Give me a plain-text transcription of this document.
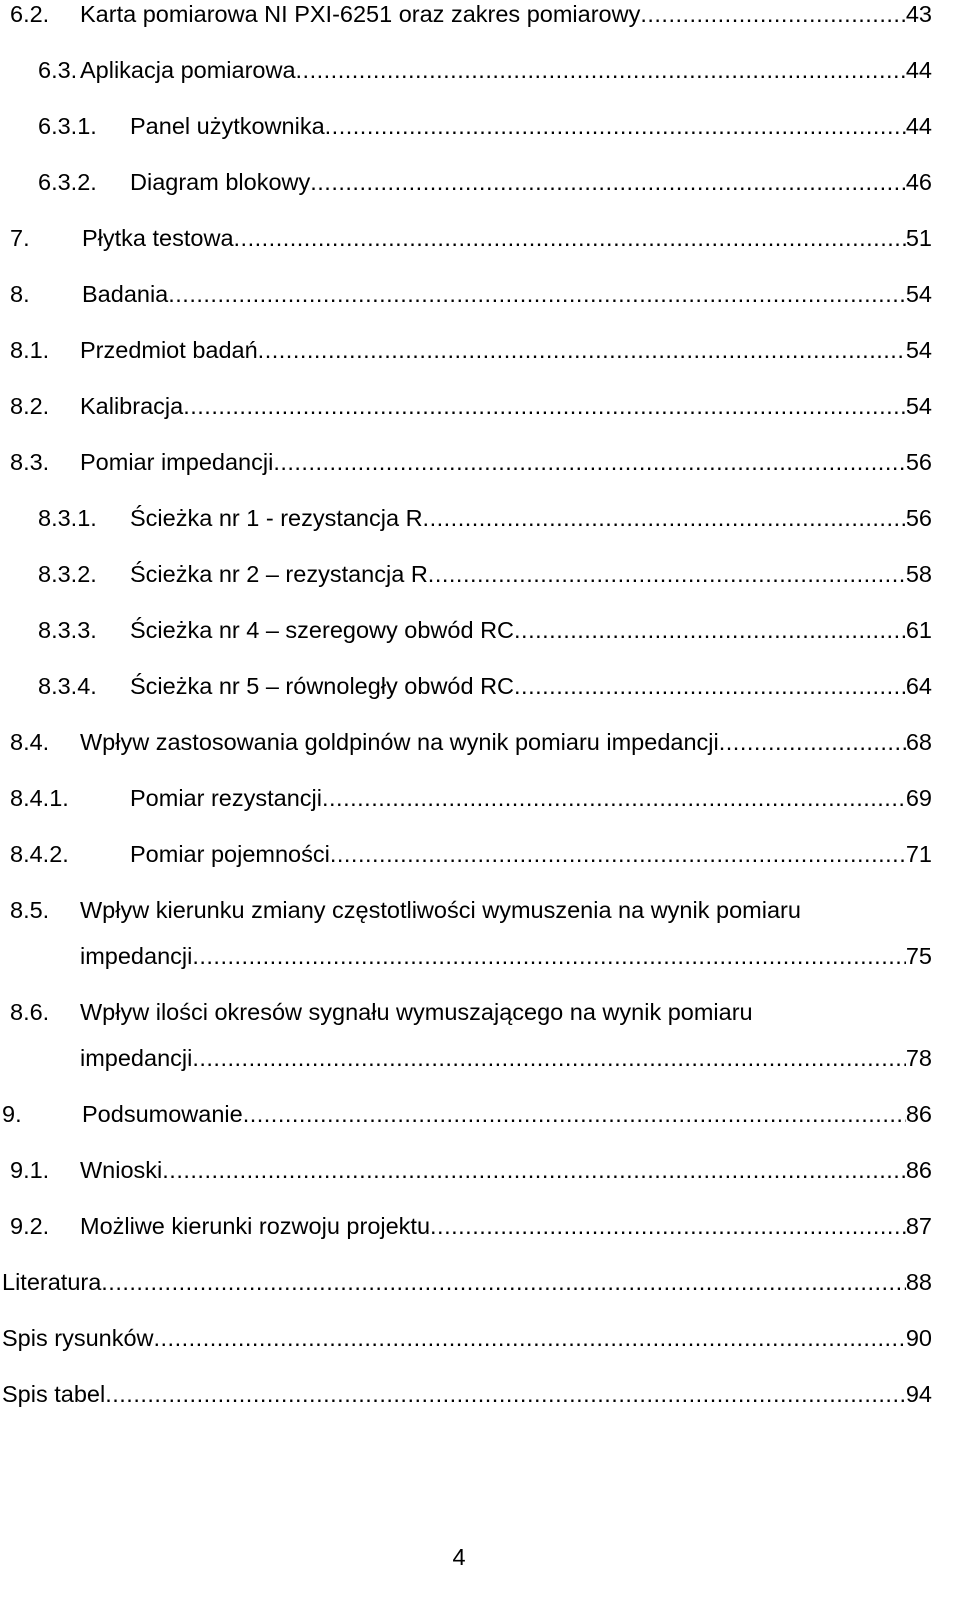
6.2. Karta pomiarowa NI PXI-6251 oraz zakres pomiarowy .....	43
6.3. Aplikacja pomiarowa .....	44
6.3.1. Panel użytkownika .....	44
6.3.2. Diagram blokowy .....	46
7. Płytka testowa .....	51
8. Badania .....	54
8.1. Przedmiot badań .....	54
8.2. Kalibracja .....	54
8.3. Pomiar impedancji .....	56
8.3.1. Ścieżka nr 1 - rezystancja R .....	56
8.3.2. Ścieżka nr 2 – rezystancja R .....	58
8.3.3. Ścieżka nr 4 – szeregowy obwód RC .....	61
8.3.4. Ścieżka nr 5 – równoległy obwód RC .....	64
8.4. Wpływ zastosowania goldpinów na wynik pomiaru impedancji .....	68
8.4.1.	Pomiar rezystancji .....	69
8.4.2.	Pomiar pojemności .....	71
8.5. Wpływ kierunku zmiany częstotliwości wymuszenia na wynik pomiaru
impedancji .....	75
8.6. Wpływ ilości okresów sygnału wymuszającego na wynik pomiaru
impedancji .....	78
9.	Podsumowanie .....	86
9.1. Wnioski .....	86
9.2. Możliwe kierunki rozwoju projektu .....	87
Literatura .....	88
Spis rysunków .....	90
Spis tabel .....	94
4
